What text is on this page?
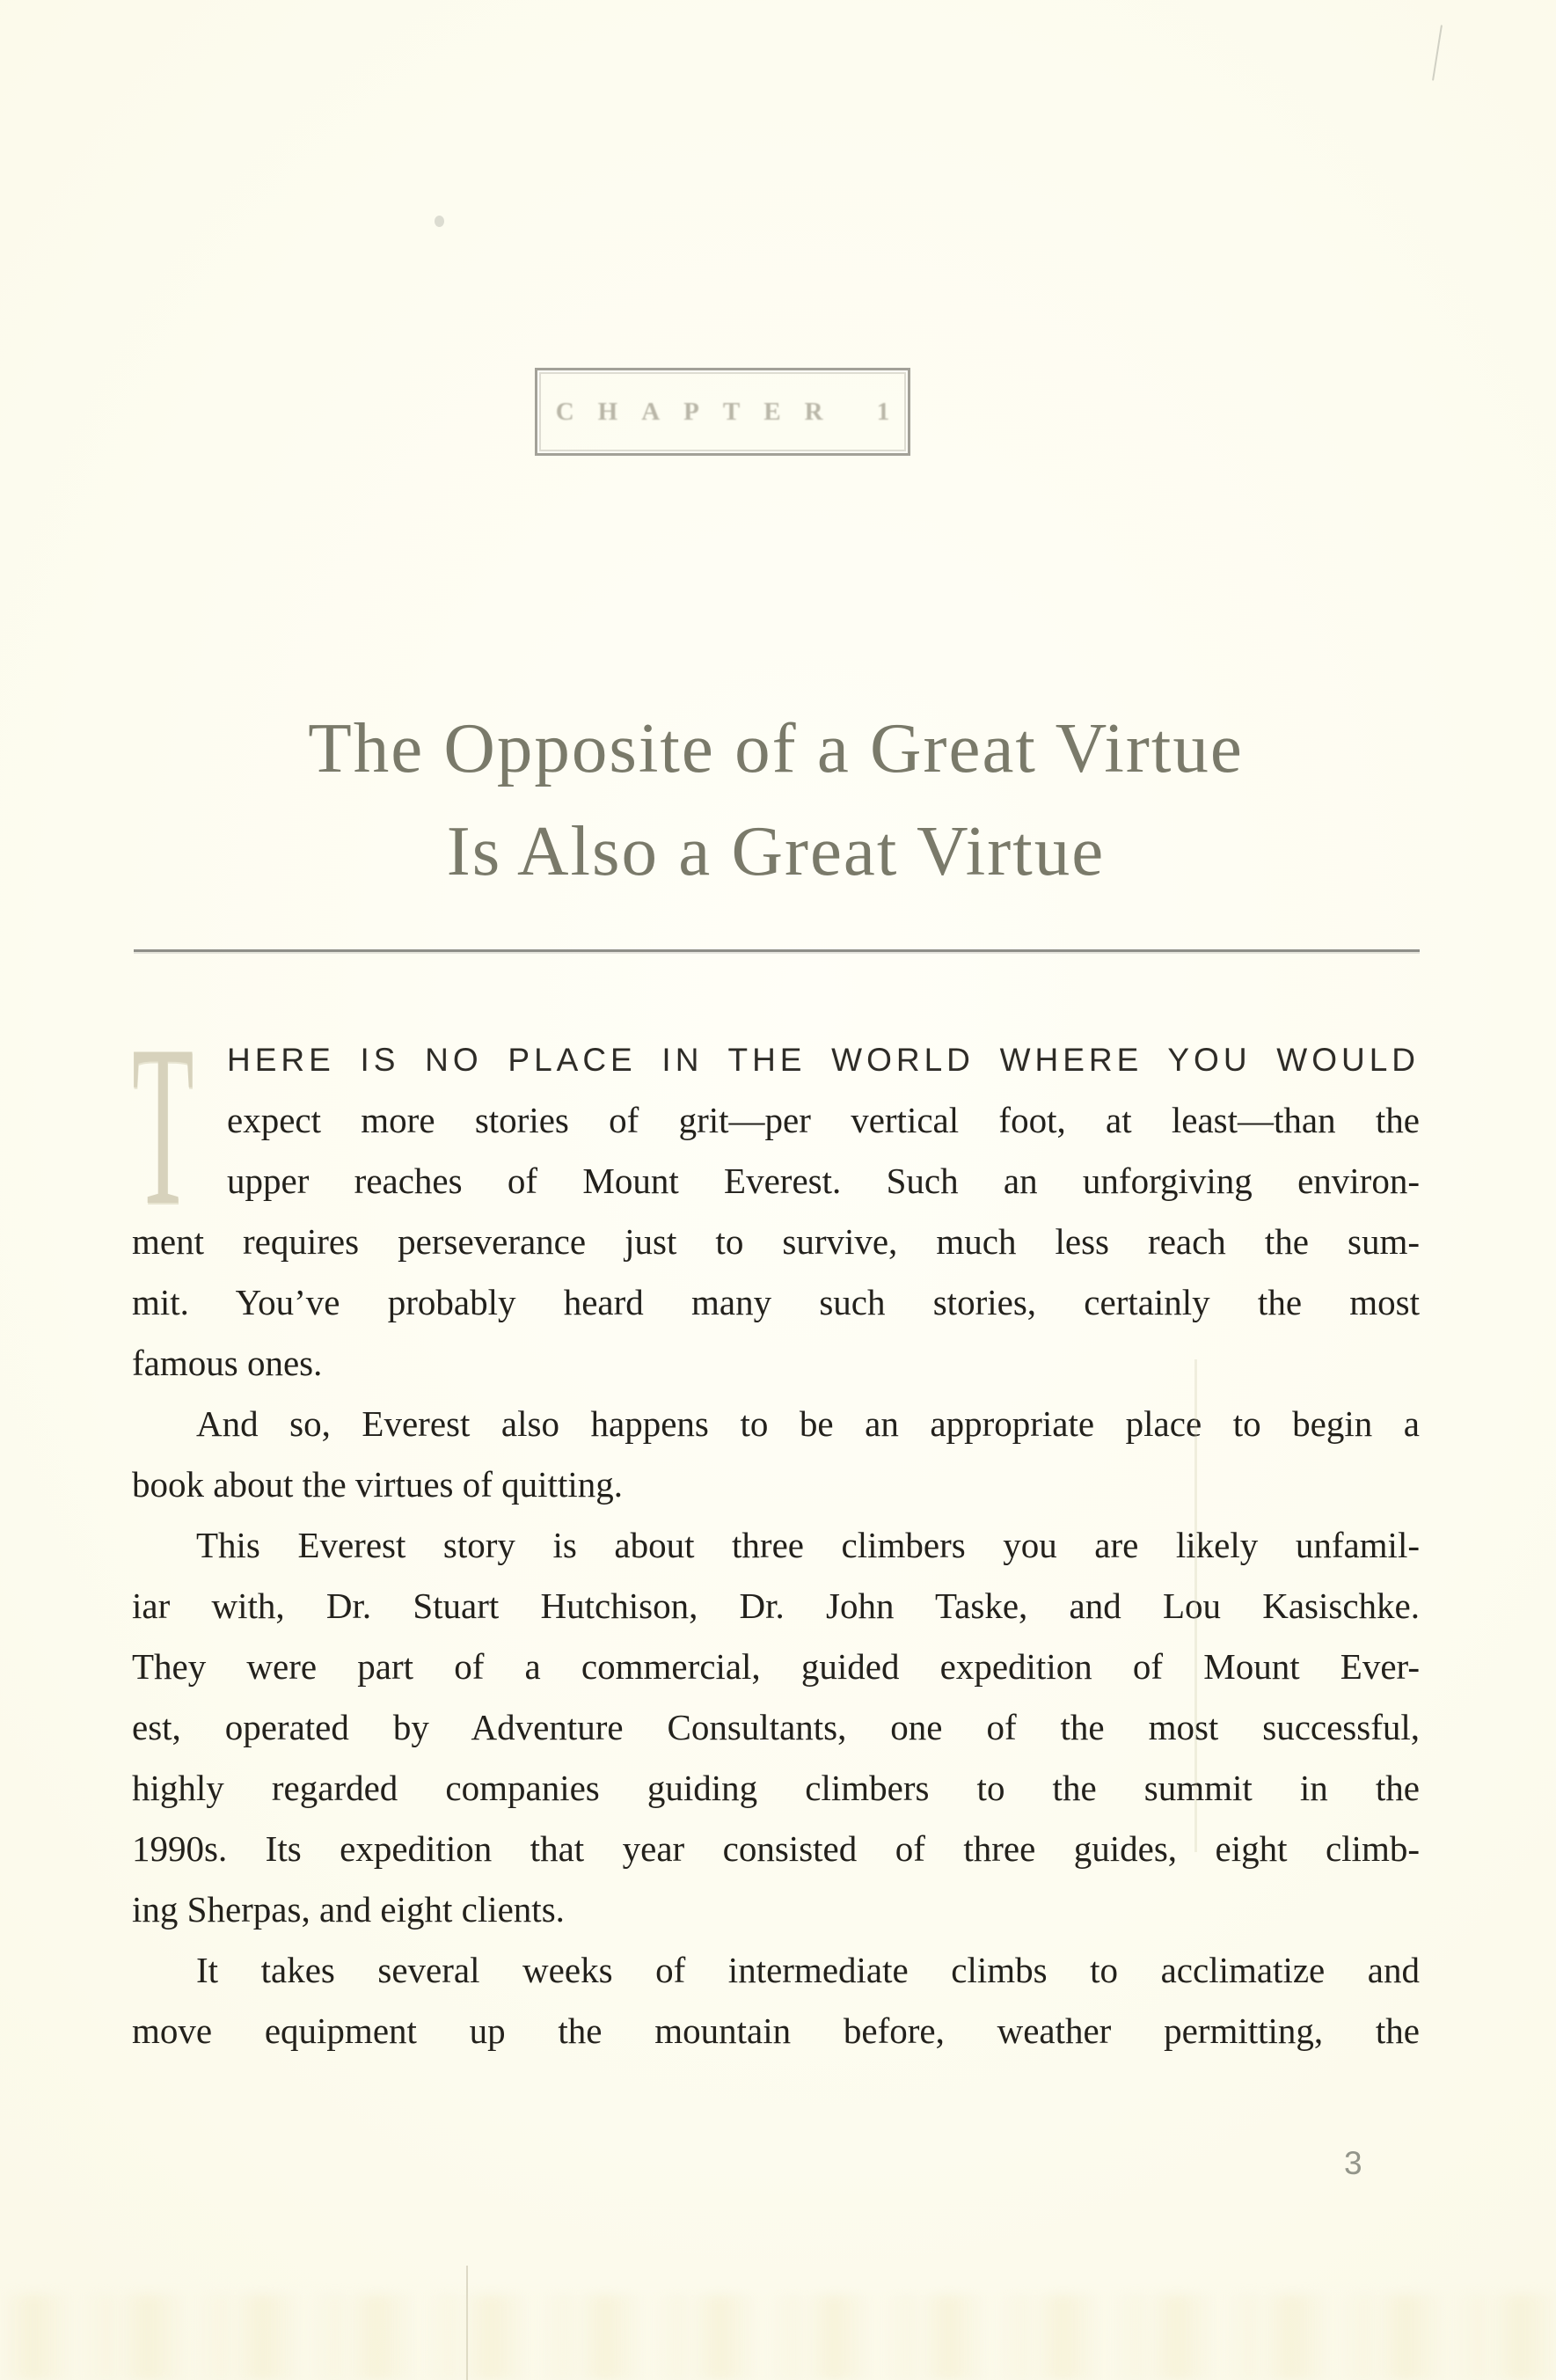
CHAPTER 1
The Opposite of a Great Virtue
Is Also a Great Virtue
T	HERE IS NO PLACE IN THE WORLD WHERE YOU WOULD
expect more stories of grit—per vertical foot, at least—than the
upper reaches of Mount Everest. Such an unforgiving environ-
ment requires perseverance just to survive, much less reach the sum-
mit. You’ve probably heard many such stories, certainly the most
famous ones.
And so, Everest also happens to be an appropriate place to begin a
book about the virtues of quitting.
This Everest story is about three climbers you are likely unfamil-
iar with, Dr. Stuart Hutchison, Dr. John Taske, and Lou Kasischke.
They were part of a commercial, guided expedition of Mount Ever-
est, operated by Adventure Consultants, one of the most successful,
highly regarded companies guiding climbers to the summit in the
1990s. Its expedition that year consisted of three guides, eight climb-
ing Sherpas, and eight clients.
It takes several weeks of intermediate climbs to acclimatize and
move equipment up the mountain before, weather permitting, the
3
